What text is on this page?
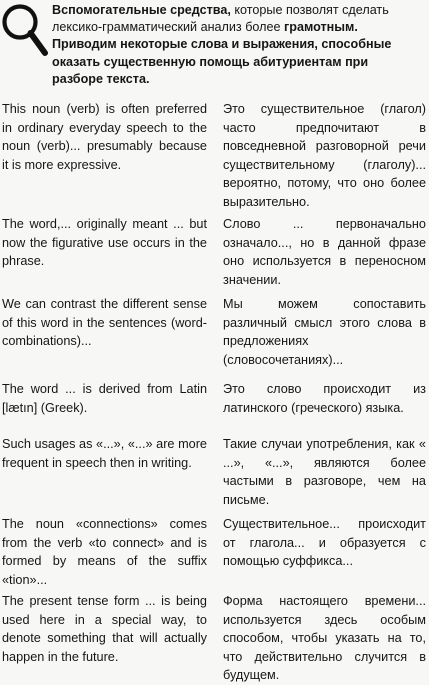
Вспомогательные средства, которые позволят сделать лексико-грамматический анализ более грамотным. Приводим некоторые слова и выражения, способные оказать существенную помощь абитуриентам при разборе текста.
This noun (verb) is often preferred in ordinary everyday speech to the noun (verb)... presumably because it is more expressive.
Это существительное (глагол) часто предпочитают в повседневной разговорной речи существительному (глаголу)... вероятно, потому, что оно более выразительно.
The word,... originally meant ... but now the figurative use occurs in the phrase.
Слово ... первоначально означало..., но в данной фразе оно используется в переносном значении.
We can contrast the different sense of this word in the sentences (word-combinations)...
Мы можем сопоставить различный смысл этого слова в предложениях (словосочетаниях)...
The word ... is derived from Latin [lætın] (Greek).
Это слово происходит из латинского (греческого) языка.
Such usages as «...», «...» are more frequent in speech then in writing.
Такие случаи употребления, как « ...», «...», являются более частыми в разговоре, чем на письме.
The noun «connections» comes from the verb «to connect» and is formed by means of the suffix «tion»...
Существительное... происходит от глагола... и образуется с помощью суффикса...
The present tense form ... is being used here in a special way, to denote something that will actually happen in the future.
Форма настоящего времени... используется здесь особым способом, чтобы указать на то, что действительно случится в будущем.
